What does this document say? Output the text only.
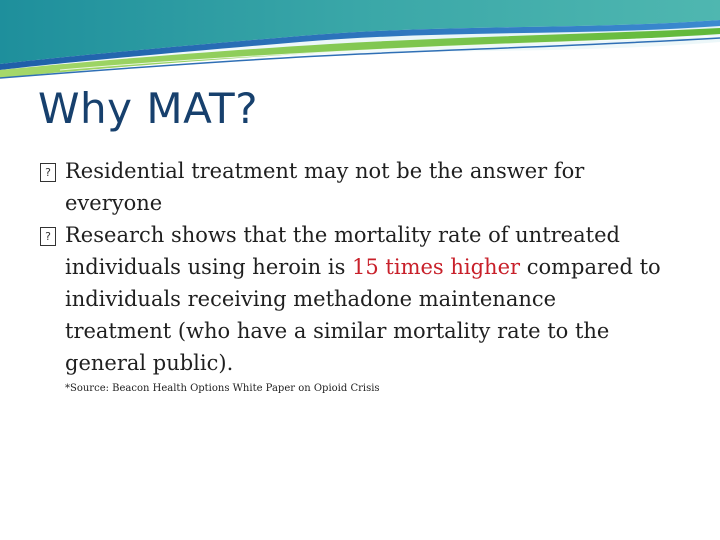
Why MAT?
? Residential treatment may not be the answer for everyone
? Research shows that the mortality rate of untreated individuals using heroin is 15 times higher compared to individuals receiving methadone maintenance treatment (who have a similar mortality rate to the general public).
*Source: Beacon Health Options White Paper on Opioid Crisis
